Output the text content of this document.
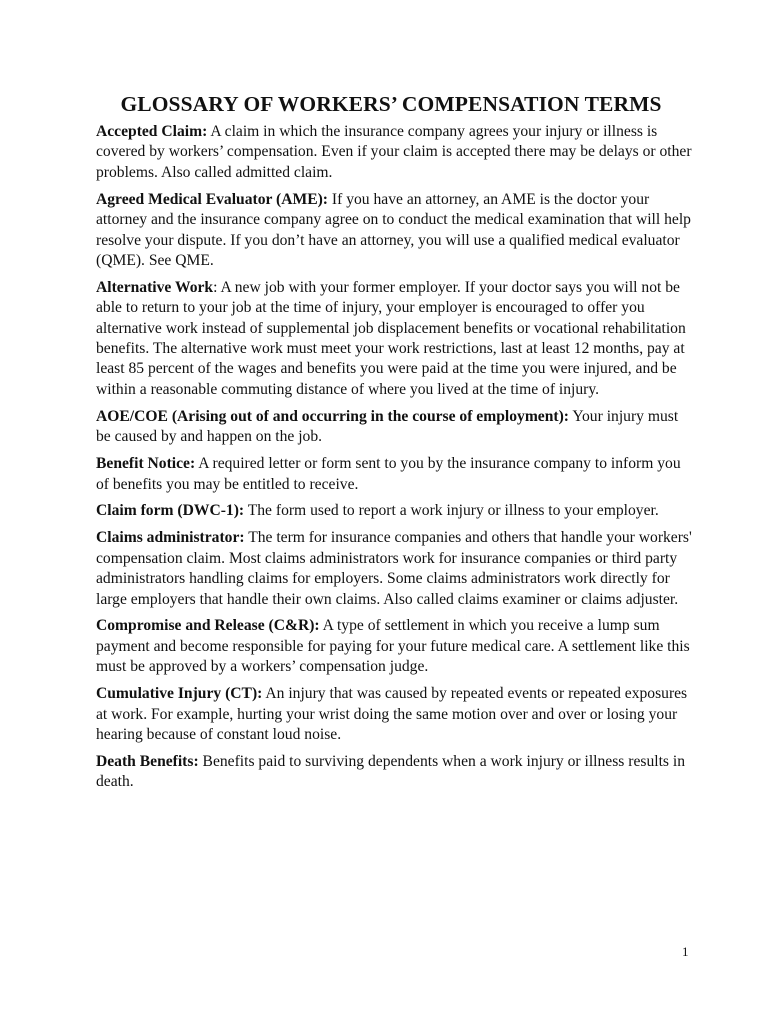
GLOSSARY OF WORKERS’ COMPENSATION TERMS
Accepted Claim: A claim in which the insurance company agrees your injury or illness is covered by workers’ compensation. Even if your claim is accepted there may be delays or other problems. Also called admitted claim.
Agreed Medical Evaluator (AME): If you have an attorney, an AME is the doctor your attorney and the insurance company agree on to conduct the medical examination that will help resolve your dispute. If you don’t have an attorney, you will use a qualified medical evaluator (QME). See QME.
Alternative Work: A new job with your former employer. If your doctor says you will not be able to return to your job at the time of injury, your employer is encouraged to offer you alternative work instead of supplemental job displacement benefits or vocational rehabilitation benefits. The alternative work must meet your work restrictions, last at least 12 months, pay at least 85 percent of the wages and benefits you were paid at the time you were injured, and be within a reasonable commuting distance of where you lived at the time of injury.
AOE/COE (Arising out of and occurring in the course of employment): Your injury must be caused by and happen on the job.
Benefit Notice: A required letter or form sent to you by the insurance company to inform you of benefits you may be entitled to receive.
Claim form (DWC-1): The form used to report a work injury or illness to your employer.
Claims administrator: The term for insurance companies and others that handle your workers' compensation claim. Most claims administrators work for insurance companies or third party administrators handling claims for employers. Some claims administrators work directly for large employers that handle their own claims. Also called claims examiner or claims adjuster.
Compromise and Release (C&R): A type of settlement in which you receive a lump sum payment and become responsible for paying for your future medical care. A settlement like this must be approved by a workers’ compensation judge.
Cumulative Injury (CT): An injury that was caused by repeated events or repeated exposures at work. For example, hurting your wrist doing the same motion over and over or losing your hearing because of constant loud noise.
Death Benefits: Benefits paid to surviving dependents when a work injury or illness results in death.
1
